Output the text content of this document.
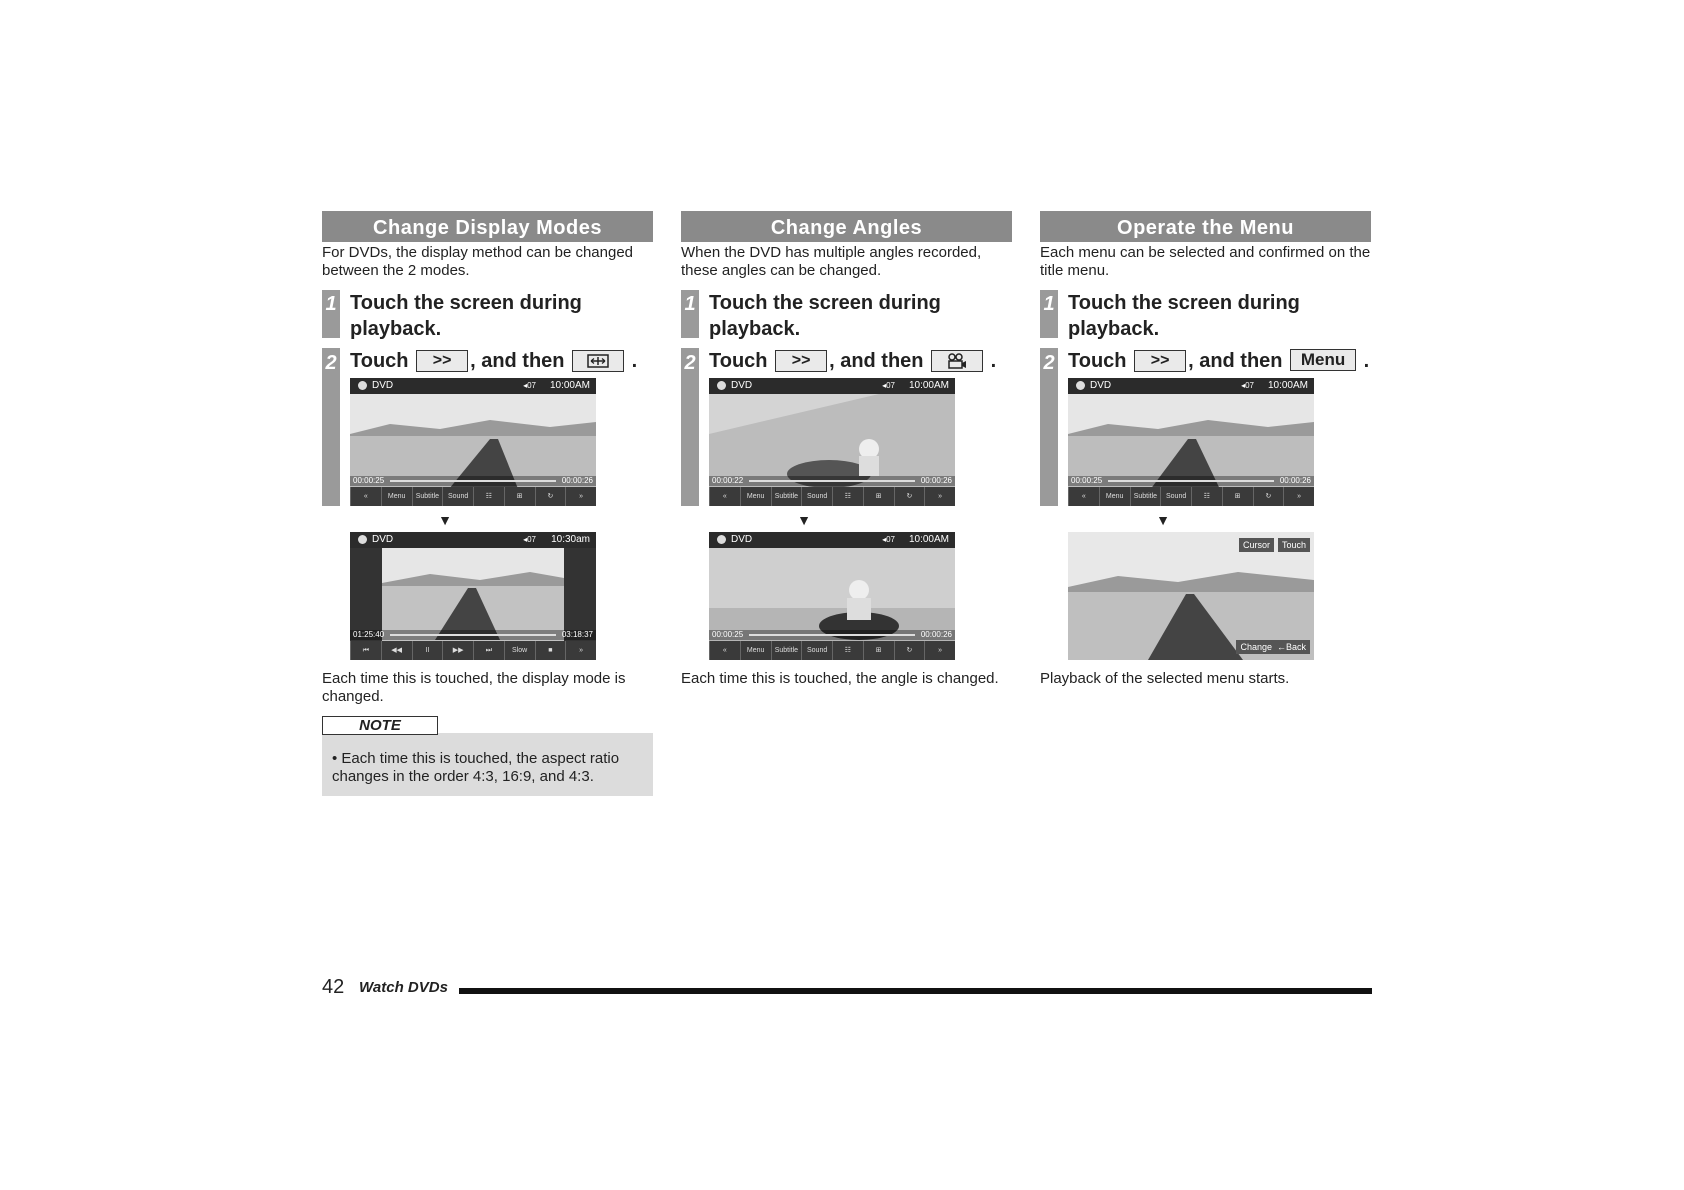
Change Display Modes
For DVDs, the display method can be changed between the 2 modes.
1 Touch the screen during playback.
2 Touch >> , and then	.
DVD	◂07 10:00AM
00:00:25	00:00:26
«	Menu	Subtitle	Sound	☷	⊞	↻	»
▼
DVD	◂07 10:30am
01:25:40	03:18:37
⏮	◀◀	II	▶▶	⏭	Slow	■	»
Each time this is touched, the display mode is changed.
NOTE
• Each time this is touched, the aspect ratio changes in the order 4:3, 16:9, and 4:3.
Change Angles
When the DVD has multiple angles recorded, these angles can be changed.
1 Touch the screen during playback.
2 Touch >> , and then	.
DVD	◂07 10:00AM
00:00:22	00:00:26
«	Menu	Subtitle	Sound	☷	⊞	↻	»
▼
DVD	◂07 10:00AM
00:00:25	00:00:26
«	Menu	Subtitle	Sound	☷	⊞	↻	»
Each time this is touched, the angle is changed.
Operate the Menu
Each menu can be selected and confirmed on the title menu.
1 Touch the screen during playback.
2 Touch >> , and then Menu .
DVD	◂07 10:00AM
00:00:25	00:00:26
«	Menu	Subtitle	Sound	☷	⊞	↻	»
▼
Cursor	Touch
Change ←Back
Playback of the selected menu starts.
42 Watch DVDs
